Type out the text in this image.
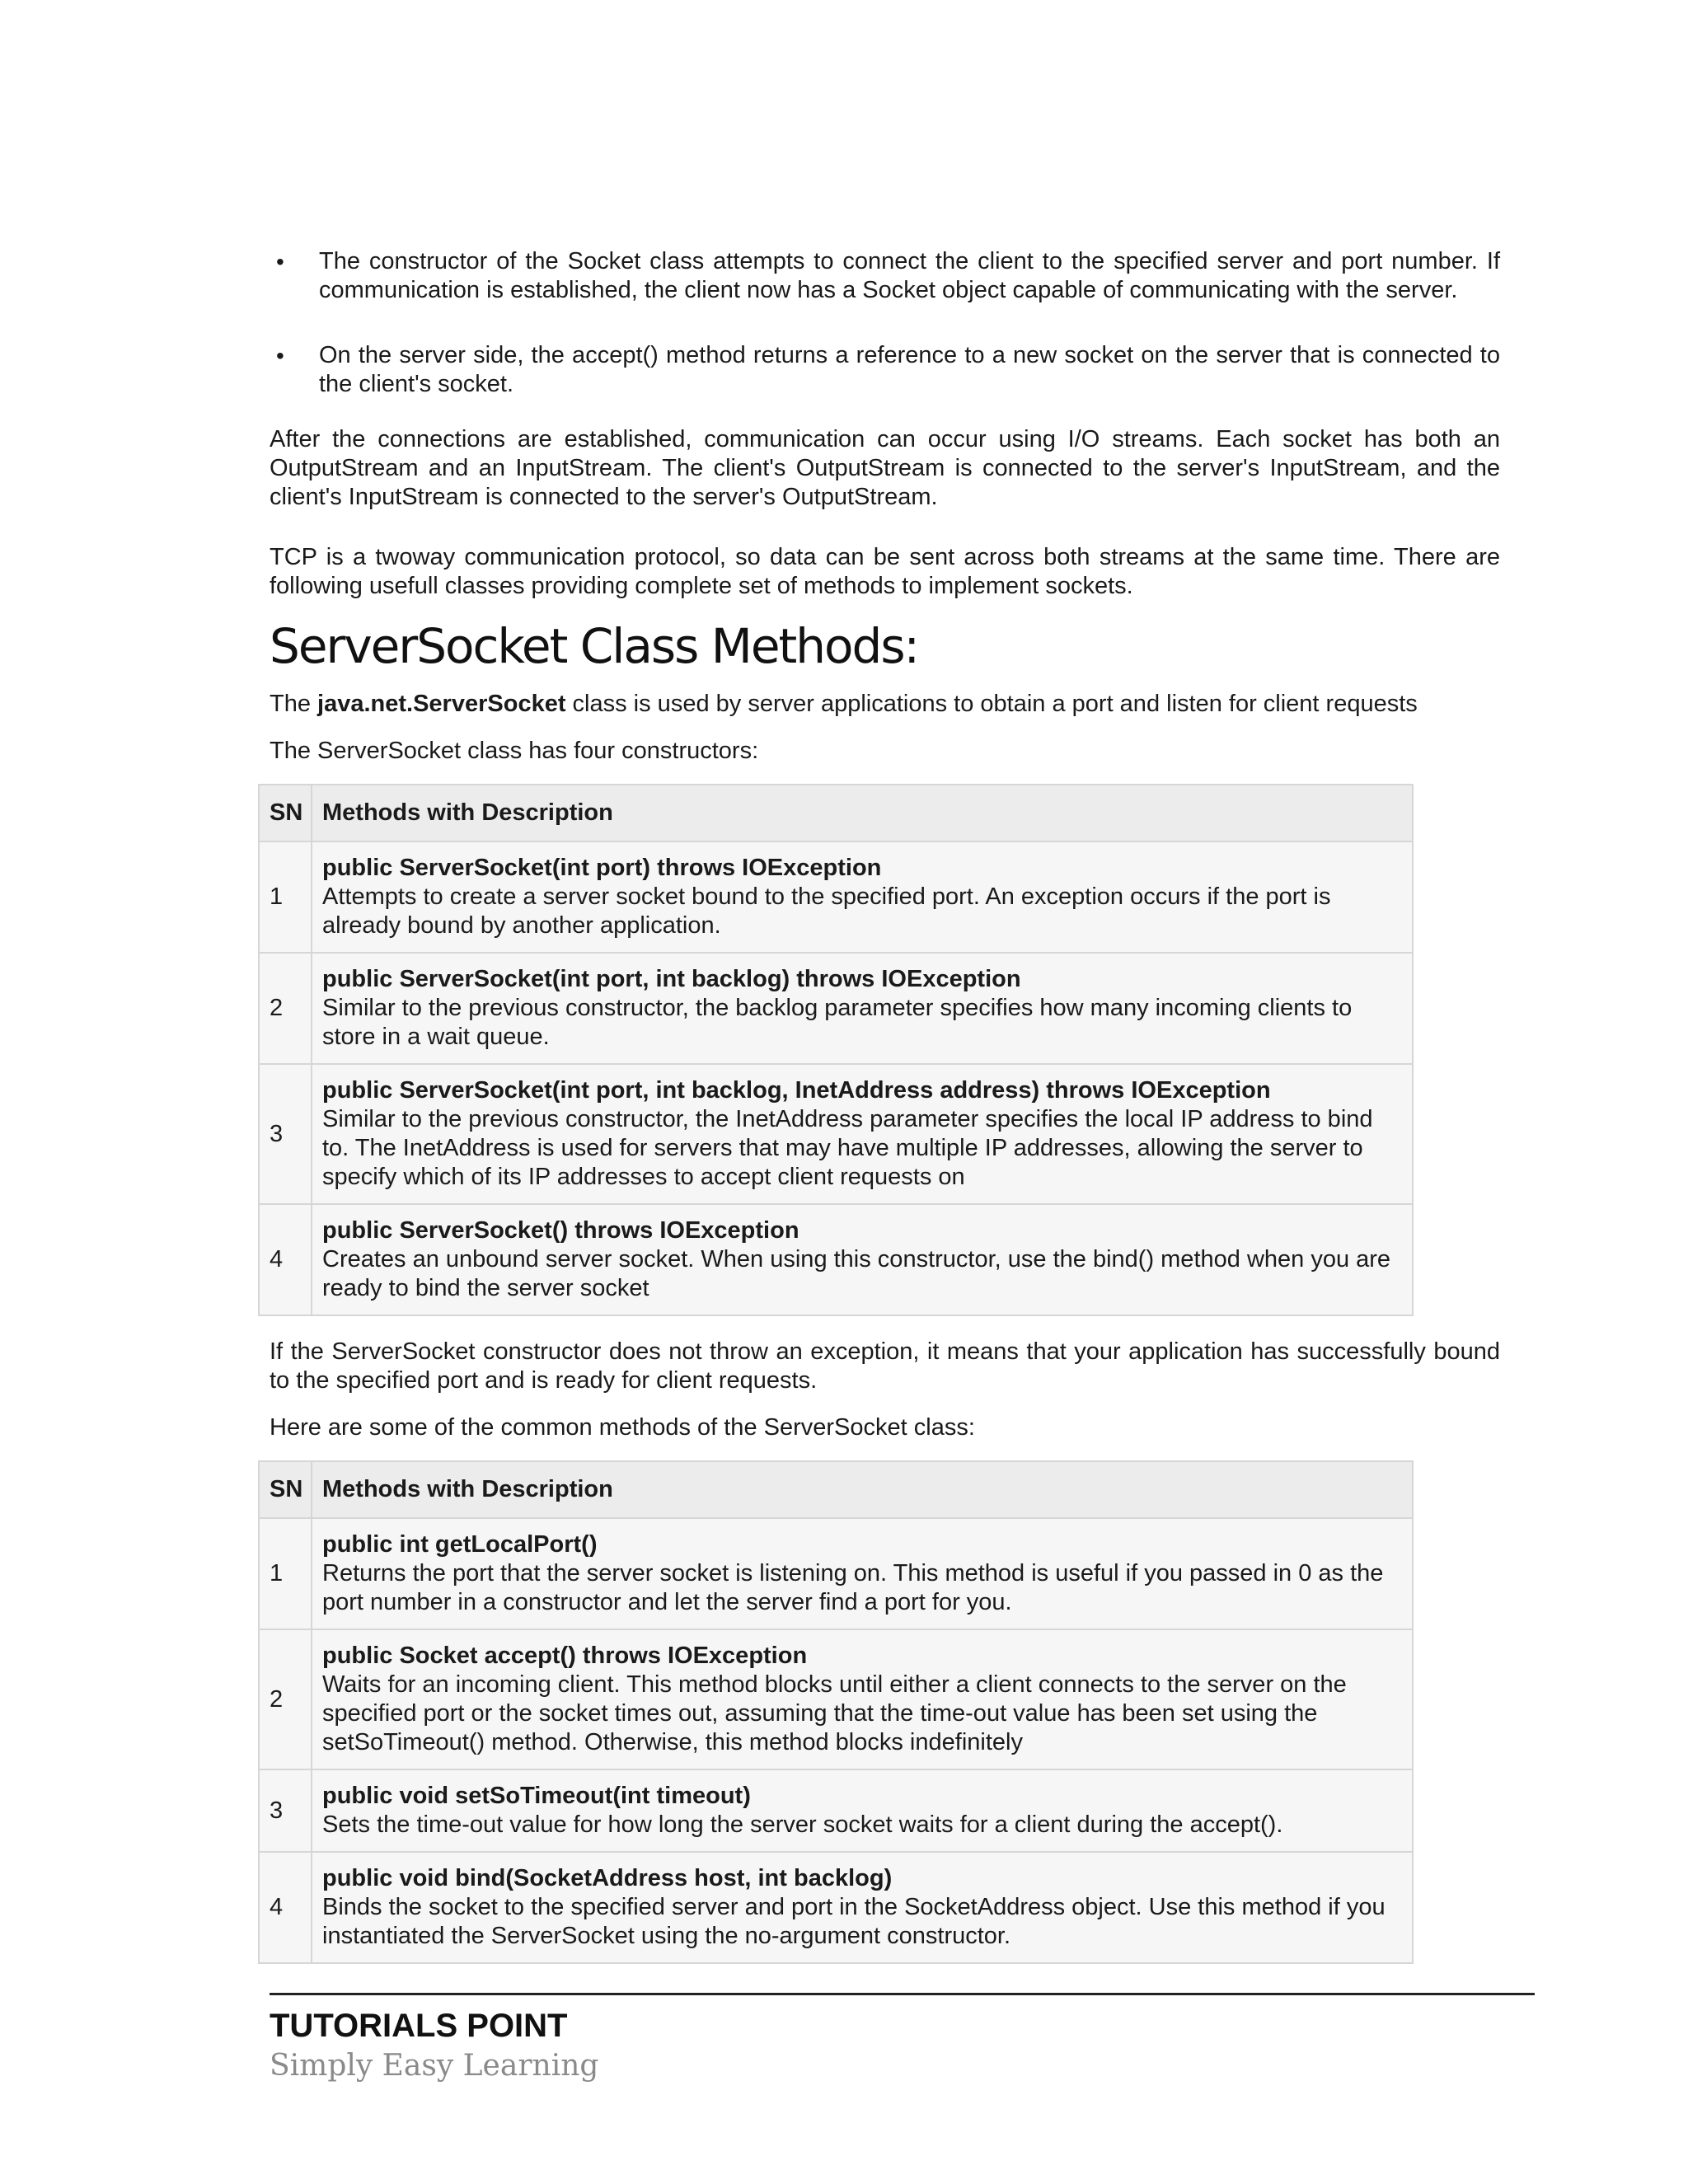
• The constructor of the Socket class attempts to connect the client to the specified server and port number. If communication is established, the client now has a Socket object capable of communicating with the server.
• On the server side, the accept() method returns a reference to a new socket on the server that is connected to the client's socket.

After the connections are established, communication can occur using I/O streams. Each socket has both an OutputStream and an InputStream. The client's OutputStream is connected to the server's InputStream, and the client's InputStream is connected to the server's OutputStream.

TCP is a twoway communication protocol, so data can be sent across both streams at the same time. There are following usefull classes providing complete set of methods to implement sockets.

ServerSocket Class Methods:

The java.net.ServerSocket class is used by server applications to obtain a port and listen for client requests

The ServerSocket class has four constructors:

SN	Methods with Description
1	public ServerSocket(int port) throws IOException
Attempts to create a server socket bound to the specified port. An exception occurs if the port is already bound by another application.

2	public ServerSocket(int port, int backlog) throws IOException
Similar to the previous constructor, the backlog parameter specifies how many incoming clients to store in a wait queue.

3	public ServerSocket(int port, int backlog, InetAddress address) throws IOException
Similar to the previous constructor, the InetAddress parameter specifies the local IP address to bind to. The InetAddress is used for servers that may have multiple IP addresses, allowing the server to specify which of its IP addresses to accept client requests on

4	public ServerSocket() throws IOException
Creates an unbound server socket. When using this constructor, use the bind() method when you are ready to bind the server socket

If the ServerSocket constructor does not throw an exception, it means that your application has successfully bound to the specified port and is ready for client requests.

Here are some of the common methods of the ServerSocket class:

SN	Methods with Description
1	public int getLocalPort()
Returns the port that the server socket is listening on. This method is useful if you passed in 0 as the port number in a constructor and let the server find a port for you.

2	public Socket accept() throws IOException
Waits for an incoming client. This method blocks until either a client connects to the server on the specified port or the socket times out, assuming that the time-out value has been set using the setSoTimeout() method. Otherwise, this method blocks indefinitely

3	public void setSoTimeout(int timeout)
Sets the time-out value for how long the server socket waits for a client during the accept().

4	public void bind(SocketAddress host, int backlog)
Binds the socket to the specified server and port in the SocketAddress object. Use this method if you instantiated the ServerSocket using the no-argument constructor.
TUTORIALS POINT
Simply Easy Learning
